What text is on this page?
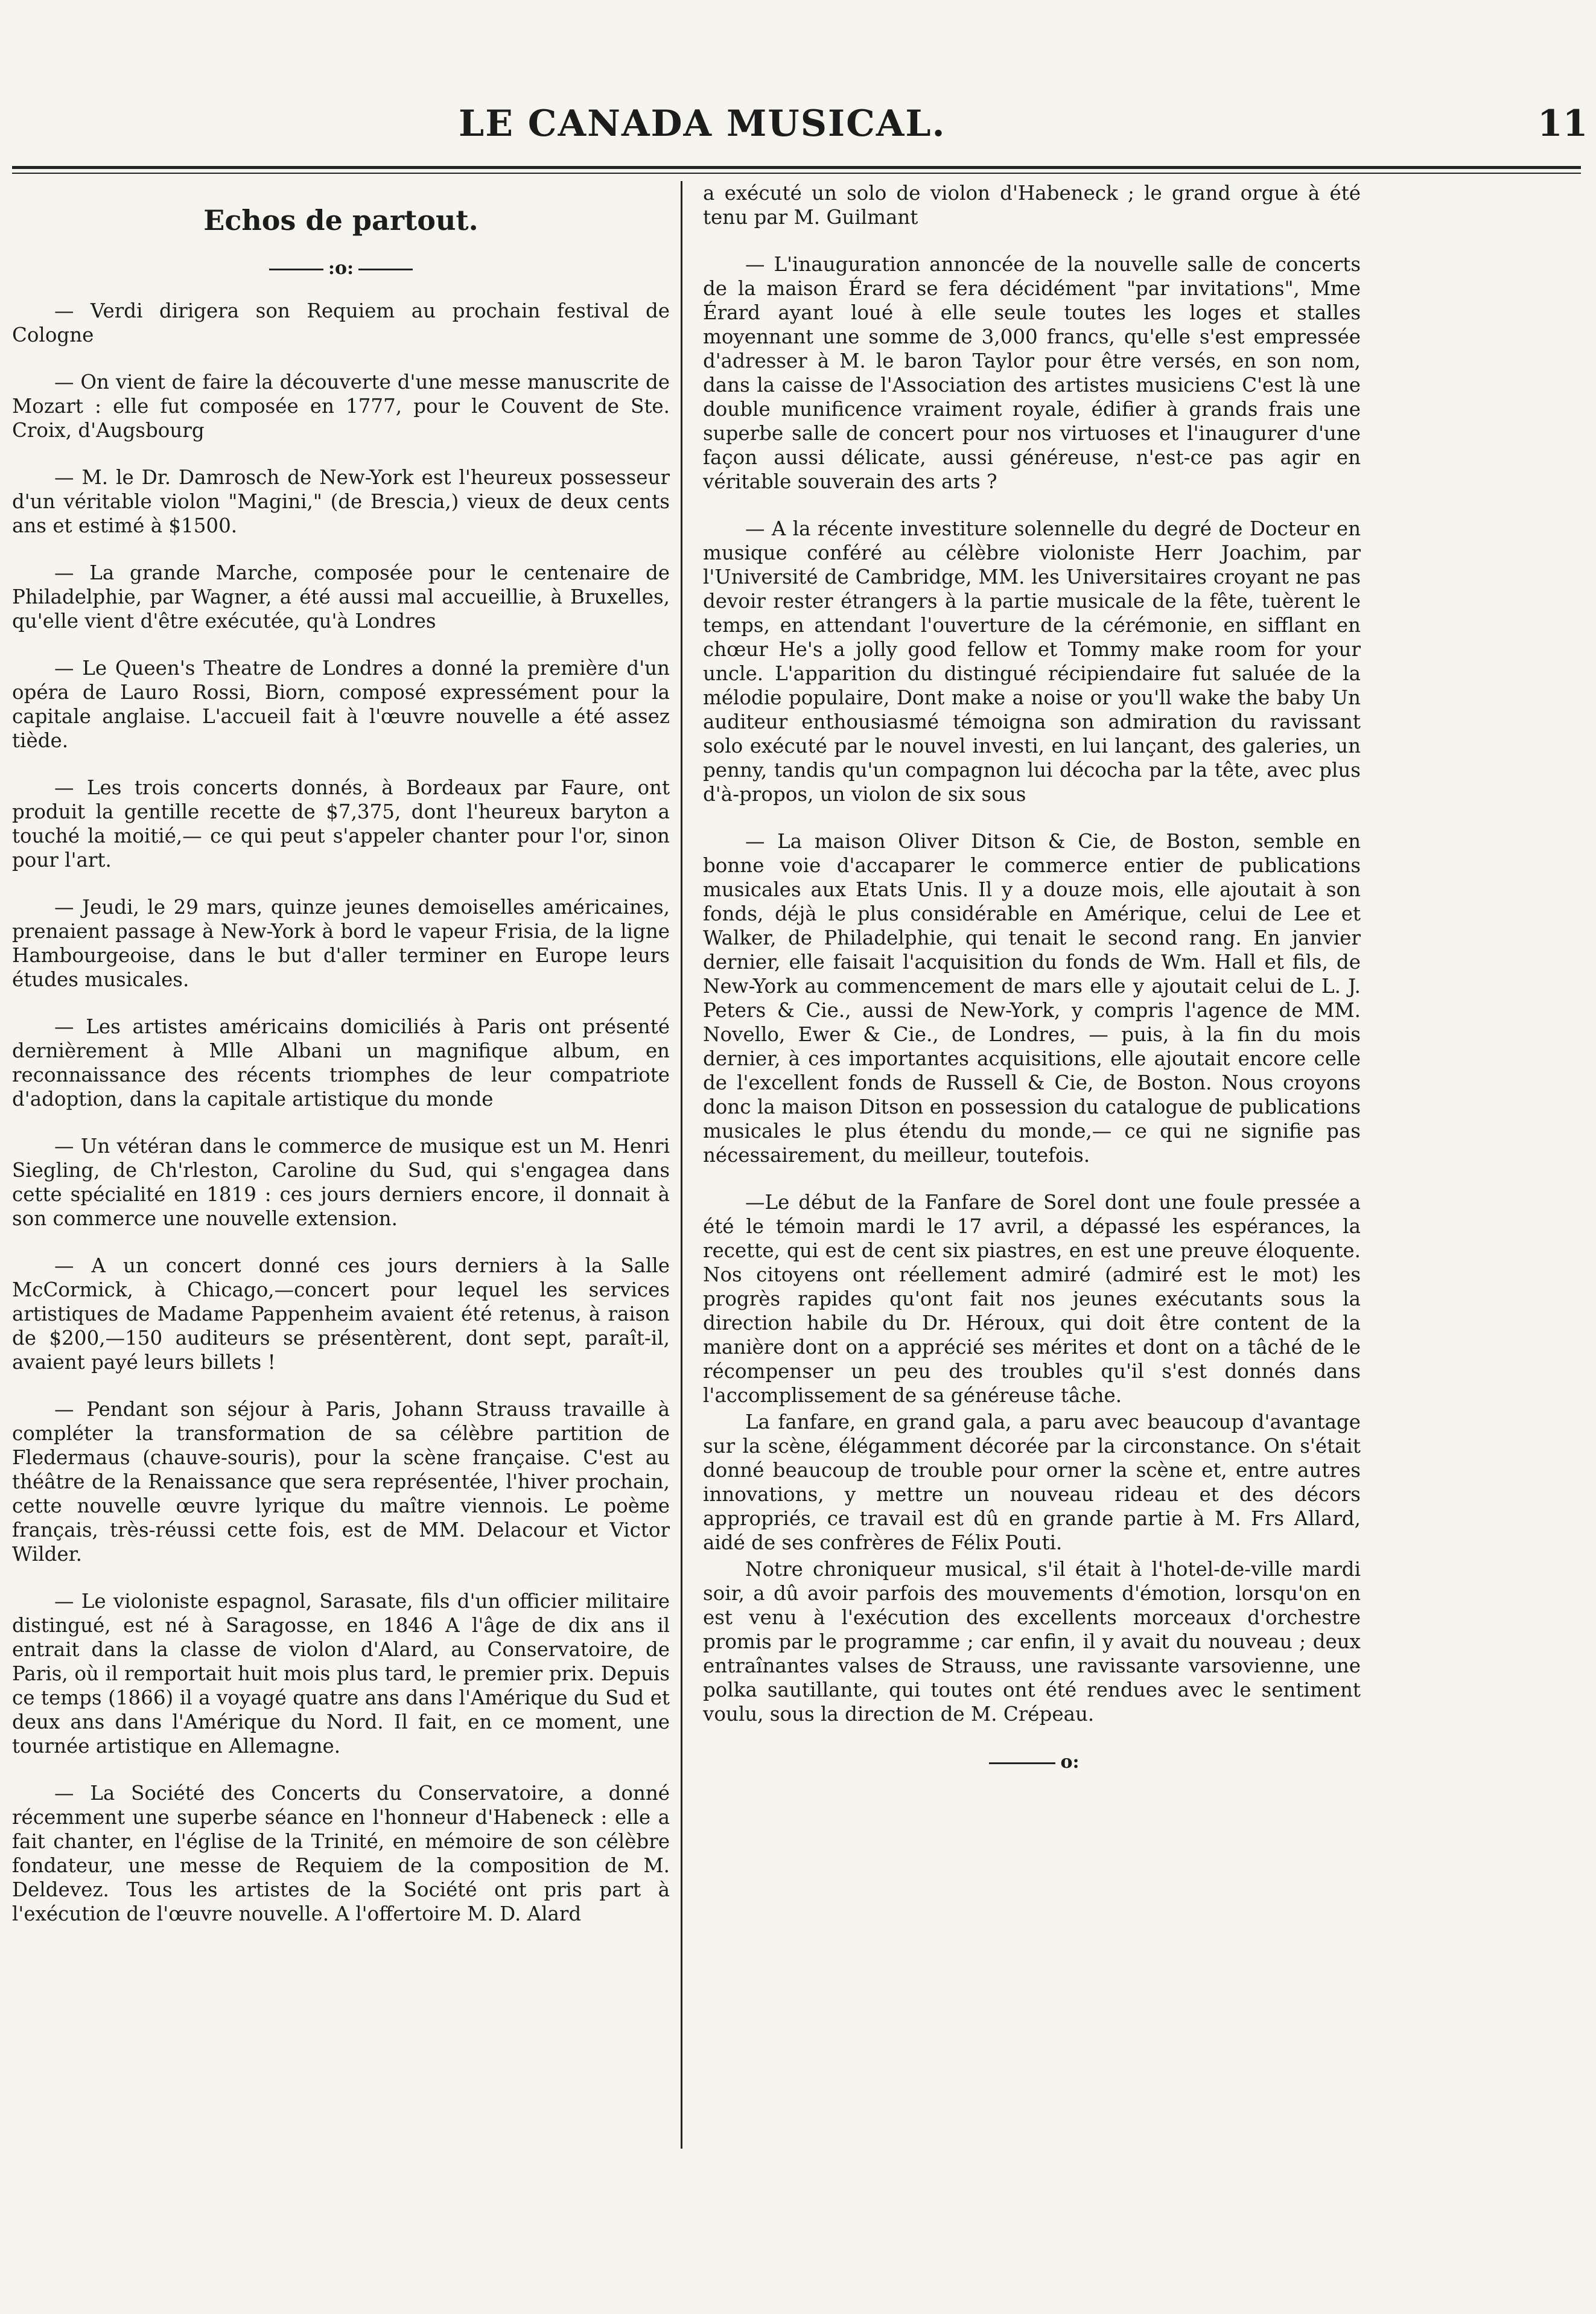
LE CANADA MUSICAL.	11
Echos de partout.
:o:

— Verdi dirigera son Requiem au prochain festival de Cologne

— On vient de faire la découverte d'une messe manuscrite de Mozart : elle fut composée en 1777, pour le Couvent de Ste. Croix, d'Augsbourg

— M. le Dr. Damrosch de New-York est l'heureux possesseur d'un véritable violon "Magini," (de Brescia,) vieux de deux cents ans et estimé à $1500.

— La grande Marche, composée pour le centenaire de Philadelphie, par Wagner, a été aussi mal accueillie, à Bruxelles, qu'elle vient d'être exécutée, qu'à Londres

— Le Queen's Theatre de Londres a donné la première d'un opéra de Lauro Rossi, Biorn, composé expressément pour la capitale anglaise. L'accueil fait à l'œuvre nouvelle a été assez tiède.

— Les trois concerts donnés, à Bordeaux par Faure, ont produit la gentille recette de $7,375, dont l'heureux baryton a touché la moitié,— ce qui peut s'appeler chanter pour l'or, sinon pour l'art.

— Jeudi, le 29 mars, quinze jeunes demoiselles américaines, prenaient passage à New-York à bord le vapeur Frisia, de la ligne Hambourgeoise, dans le but d'aller terminer en Europe leurs études musicales.

— Les artistes américains domiciliés à Paris ont présenté dernièrement à Mlle Albani un magnifique album, en reconnaissance des récents triomphes de leur compatriote d'adoption, dans la capitale artistique du monde

— Un vétéran dans le commerce de musique est un M. Henri Siegling, de Ch'rleston, Caroline du Sud, qui s'engagea dans cette spécialité en 1819 : ces jours derniers encore, il donnait à son commerce une nouvelle extension.

— A un concert donné ces jours derniers à la Salle McCormick, à Chicago,—concert pour lequel les services artistiques de Madame Pappenheim avaient été retenus, à raison de $200,—150 auditeurs se présentèrent, dont sept, paraît-il, avaient payé leurs billets !

— Pendant son séjour à Paris, Johann Strauss travaille à compléter la transformation de sa célèbre partition de Fledermaus (chauve-souris), pour la scène française. C'est au théâtre de la Renaissance que sera représentée, l'hiver prochain, cette nouvelle œuvre lyrique du maître viennois. Le poème français, très-réussi cette fois, est de MM. Delacour et Victor Wilder.

— Le violoniste espagnol, Sarasate, fils d'un officier militaire distingué, est né à Saragosse, en 1846 A l'âge de dix ans il entrait dans la classe de violon d'Alard, au Conservatoire, de Paris, où il remportait huit mois plus tard, le premier prix. Depuis ce temps (1866) il a voyagé quatre ans dans l'Amérique du Sud et deux ans dans l'Amérique du Nord. Il fait, en ce moment, une tournée artistique en Allemagne.

— La Société des Concerts du Conservatoire, a donné récemment une superbe séance en l'honneur d'Habeneck : elle a fait chanter, en l'église de la Trinité, en mémoire de son célèbre fondateur, une messe de Requiem de la composition de M. Deldevez. Tous les artistes de la Société ont pris part à l'exécution de l'œuvre nouvelle. A l'offertoire M. D. Alard

a exécuté un solo de violon d'Habeneck ; le grand orgue à été tenu par M. Guilmant

— L'inauguration annoncée de la nouvelle salle de concerts de la maison Érard se fera décidément "par invitations", Mme Érard ayant loué à elle seule toutes les loges et stalles moyennant une somme de 3,000 francs, qu'elle s'est empressée d'adresser à M. le baron Taylor pour être versés, en son nom, dans la caisse de l'Association des artistes musiciens C'est là une double munificence vraiment royale, édifier à grands frais une superbe salle de concert pour nos virtuoses et l'inaugurer d'une façon aussi délicate, aussi généreuse, n'est-ce pas agir en véritable souverain des arts ?

— A la récente investiture solennelle du degré de Docteur en musique conféré au célèbre violoniste Herr Joachim, par l'Université de Cambridge, MM. les Universitaires croyant ne pas devoir rester étrangers à la partie musicale de la fête, tuèrent le temps, en attendant l'ouverture de la cérémonie, en sifflant en chœur He's a jolly good fellow et Tommy make room for your uncle. L'apparition du distingué récipiendaire fut saluée de la mélodie populaire, Dont make a noise or you'll wake the baby Un auditeur enthousiasmé témoigna son admiration du ravissant solo exécuté par le nouvel investi, en lui lançant, des galeries, un penny, tandis qu'un compagnon lui décocha par la tête, avec plus d'à-propos, un violon de six sous

— La maison Oliver Ditson & Cie, de Boston, semble en bonne voie d'accaparer le commerce entier de publications musicales aux Etats Unis. Il y a douze mois, elle ajoutait à son fonds, déjà le plus considérable en Amérique, celui de Lee et Walker, de Philadelphie, qui tenait le second rang. En janvier dernier, elle faisait l'acquisition du fonds de Wm. Hall et fils, de New-York au commencement de mars elle y ajoutait celui de L. J. Peters & Cie., aussi de New-York, y compris l'agence de MM. Novello, Ewer & Cie., de Londres, — puis, à la fin du mois dernier, à ces importantes acquisitions, elle ajoutait encore celle de l'excellent fonds de Russell & Cie, de Boston. Nous croyons donc la maison Ditson en possession du catalogue de publications musicales le plus étendu du monde,— ce qui ne signifie pas nécessairement, du meilleur, toutefois.

—Le début de la Fanfare de Sorel dont une foule pressée a été le témoin mardi le 17 avril, a dépassé les espérances, la recette, qui est de cent six piastres, en est une preuve éloquente. Nos citoyens ont réellement admiré (admiré est le mot) les progrès rapides qu'ont fait nos jeunes exécutants sous la direction habile du Dr. Héroux, qui doit être content de la manière dont on a apprécié ses mérites et dont on a tâché de le récompenser un peu des troubles qu'il s'est donnés dans l'accomplissement de sa généreuse tâche.

La fanfare, en grand gala, a paru avec beaucoup d'avantage sur la scène, élégamment décorée par la circonstance. On s'était donné beaucoup de trouble pour orner la scène et, entre autres innovations, y mettre un nouveau rideau et des décors appropriés, ce travail est dû en grande partie à M. Frs Allard, aidé de ses confrères de Félix Pouti.

Notre chroniqueur musical, s'il était à l'hotel-de-ville mardi soir, a dû avoir parfois des mouvements d'émotion, lorsqu'on en est venu à l'exécution des excellents morceaux d'orchestre promis par le programme ; car enfin, il y avait du nouveau ; deux entraînantes valses de Strauss, une ravissante varsovienne, une polka sautillante, qui toutes ont été rendues avec le sentiment voulu, sous la direction de M. Crépeau.

o:
